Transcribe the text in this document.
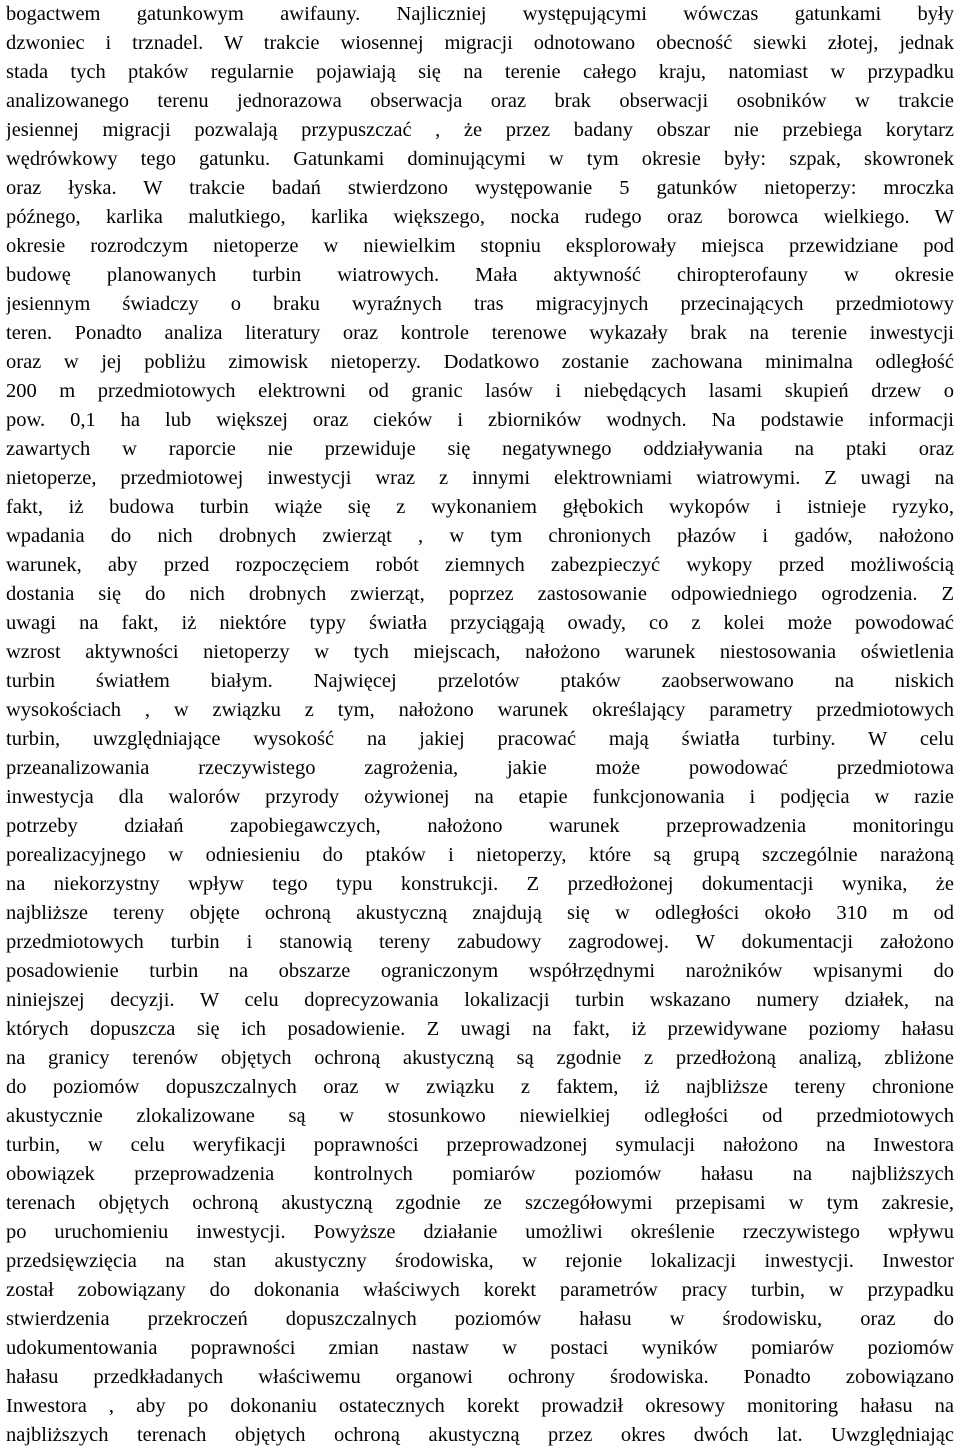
bogactwem gatunkowym awifauny. Najliczniej występującymi wówczas gatunkami były
dzwoniec i trznadel. W trakcie wiosennej migracji odnotowano obecność siewki złotej, jednak
stada tych ptaków regularnie pojawiają się na terenie całego kraju, natomiast w przypadku
analizowanego terenu jednorazowa obserwacja oraz brak obserwacji osobników w trakcie
jesiennej migracji pozwalają przypuszczać , że przez badany obszar nie przebiega korytarz
wędrówkowy tego gatunku. Gatunkami dominującymi w tym okresie były: szpak, skowronek
oraz łyska. W trakcie badań stwierdzono występowanie 5 gatunków nietoperzy: mroczka
późnego, karlika malutkiego, karlika większego, nocka rudego oraz borowca wielkiego. W
okresie rozrodczym nietoperze w niewielkim stopniu eksplorowały miejsca przewidziane pod
budowę planowanych turbin wiatrowych. Mała aktywność chiropterofauny w okresie
jesiennym świadczy o braku wyraźnych tras migracyjnych przecinających przedmiotowy
teren. Ponadto analiza literatury oraz kontrole terenowe wykazały brak na terenie inwestycji
oraz w jej pobliżu zimowisk nietoperzy. Dodatkowo zostanie zachowana minimalna odległość
200 m przedmiotowych elektrowni od granic lasów i niebędących lasami skupień drzew o
pow. 0,1 ha lub większej oraz cieków i zbiorników wodnych. Na podstawie informacji
zawartych w raporcie nie przewiduje się negatywnego oddziaływania na ptaki oraz
nietoperze, przedmiotowej inwestycji wraz z innymi elektrowniami wiatrowymi. Z uwagi na
fakt, iż budowa turbin wiąże się z wykonaniem głębokich wykopów i istnieje ryzyko,
wpadania do nich drobnych zwierząt , w tym chronionych płazów i gadów, nałożono
warunek, aby przed rozpoczęciem robót ziemnych zabezpieczyć wykopy przed możliwością
dostania się do nich drobnych zwierząt, poprzez zastosowanie odpowiedniego ogrodzenia. Z
uwagi na fakt, iż niektóre typy światła przyciągają owady, co z kolei może powodować
wzrost aktywności nietoperzy w tych miejscach, nałożono warunek niestosowania oświetlenia
turbin światłem białym. Najwięcej przelotów ptaków zaobserwowano na niskich
wysokościach , w związku z tym, nałożono warunek określający parametry przedmiotowych
turbin, uwzględniające wysokość na jakiej pracować mają światła turbiny. W celu
przeanalizowania rzeczywistego zagrożenia, jakie może powodować przedmiotowa
inwestycja dla walorów przyrody ożywionej na etapie funkcjonowania i podjęcia w razie
potrzeby działań zapobiegawczych, nałożono warunek przeprowadzenia monitoringu
porealizacyjnego w odniesieniu do ptaków i nietoperzy, które są grupą szczególnie narażoną
na niekorzystny wpływ tego typu konstrukcji. Z przedłożonej dokumentacji wynika, że
najbliższe tereny objęte ochroną akustyczną znajdują się w odległości około 310 m od
przedmiotowych turbin i stanowią tereny zabudowy zagrodowej. W dokumentacji założono
posadowienie turbin na obszarze ograniczonym współrzędnymi narożników wpisanymi do
niniejszej decyzji. W celu doprecyzowania lokalizacji turbin wskazano numery działek, na
których dopuszcza się ich posadowienie. Z uwagi na fakt, iż przewidywane poziomy hałasu
na granicy terenów objętych ochroną akustyczną są zgodnie z przedłożoną analizą, zbliżone
do poziomów dopuszczalnych oraz w związku z faktem, iż najbliższe tereny chronione
akustycznie zlokalizowane są w stosunkowo niewielkiej odległości od przedmiotowych
turbin, w celu weryfikacji poprawności przeprowadzonej symulacji nałożono na Inwestora
obowiązek przeprowadzenia kontrolnych pomiarów poziomów hałasu na najbliższych
terenach objętych ochroną akustyczną zgodnie ze szczegółowymi przepisami w tym zakresie,
po uruchomieniu inwestycji. Powyższe działanie umożliwi określenie rzeczywistego wpływu
przedsięwzięcia na stan akustyczny środowiska, w rejonie lokalizacji inwestycji. Inwestor
został zobowiązany do dokonania właściwych korekt parametrów pracy turbin, w przypadku
stwierdzenia przekroczeń dopuszczalnych poziomów hałasu w środowisku, oraz do
udokumentowania poprawności zmian nastaw w postaci wyników pomiarów poziomów
hałasu przedkładanych właściwemu organowi ochrony środowiska. Ponadto zobowiązano
Inwestora , aby po dokonaniu ostatecznych korekt prowadził okresowy monitoring hałasu na
najbliższych terenach objętych ochroną akustyczną przez okres dwóch lat. Uwzględniając
